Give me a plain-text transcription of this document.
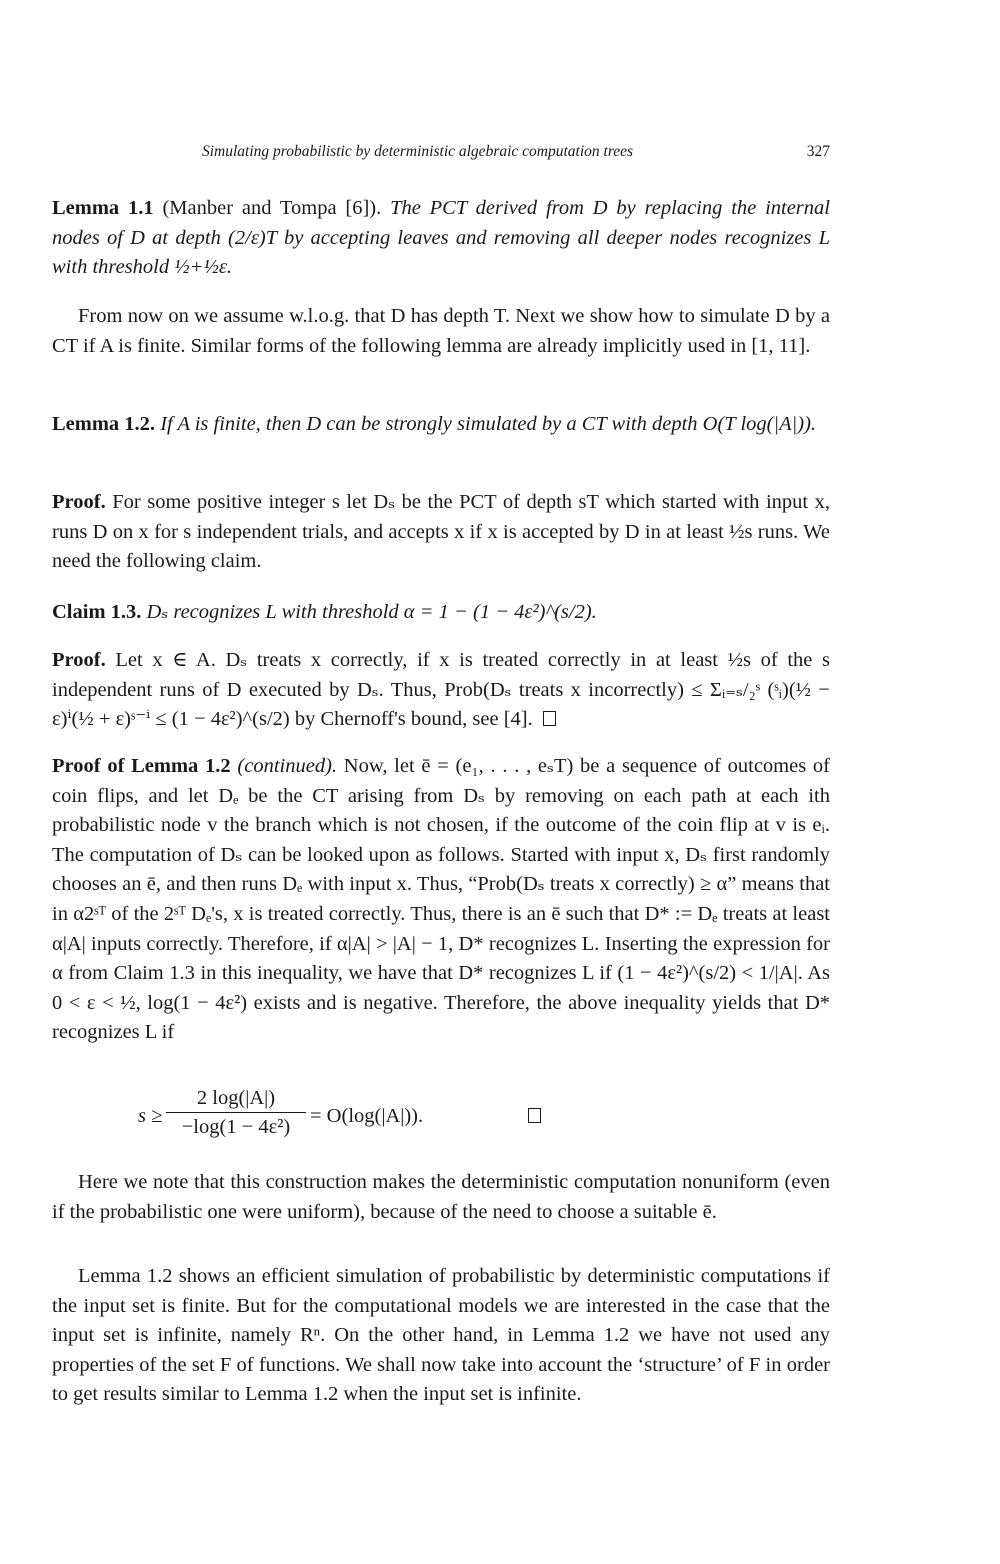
Simulating probabilistic by deterministic algebraic computation trees	327

Lemma 1.1 (Manber and Tompa [6]). The PCT derived from D by replacing the internal nodes of D at depth (2/ε)T by accepting leaves and removing all deeper nodes recognizes L with threshold ½+½ε.

From now on we assume w.l.o.g. that D has depth T. Next we show how to simulate D by a CT if A is finite. Similar forms of the following lemma are already implicitly used in [1, 11].

Lemma 1.2. If A is finite, then D can be strongly simulated by a CT with depth O(T log(|A|)).

Proof. For some positive integer s let Dₛ be the PCT of depth sT which started with input x, runs D on x for s independent trials, and accepts x if x is accepted by D in at least ½s runs. We need the following claim.

Claim 1.3. Dₛ recognizes L with threshold α = 1 − (1 − 4ε²)^(s/2).

Proof. Let x ∈ A. Dₛ treats x correctly, if x is treated correctly in at least ½s of the s independent runs of D executed by Dₛ. Thus, Prob(Dₛ treats x incorrectly) ≤ Σᵢ₌ₛ/₂ˢ (ˢᵢ)(½ − ε)ⁱ(½ + ε)ˢ⁻ⁱ ≤ (1 − 4ε²)^(s/2) by Chernoff's bound, see [4].

Proof of Lemma 1.2 (continued). Now, let ē = (e₁, . . . , eₛT) be a sequence of outcomes of coin flips, and let Dₑ be the CT arising from Dₛ by removing on each path at each ith probabilistic node v the branch which is not chosen, if the outcome of the coin flip at v is eᵢ. The computation of Dₛ can be looked upon as follows. Started with input x, Dₛ first randomly chooses an ē, and then runs Dₑ with input x. Thus, “Prob(Dₛ treats x correctly) ≥ α” means that in α2ˢᵀ of the 2ˢᵀ Dₑ's, x is treated correctly. Thus, there is an ē such that D* := Dₑ treats at least α|A| inputs correctly. Therefore, if α|A| > |A| − 1, D* recognizes L. Inserting the expression for α from Claim 1.3 in this inequality, we have that D* recognizes L if (1 − 4ε²)^(s/2) < 1/|A|. As 0 < ε < ½, log(1 − 4ε²) exists and is negative. Therefore, the above inequality yields that D* recognizes L if

$s \ge \frac{2 \log(|A|)}{\text{−log(1 − 4ε²)}} = O(\log(|A|))$.

Here we note that this construction makes the deterministic computation nonuniform (even if the probabilistic one were uniform), because of the need to choose a suitable ē.

Lemma 1.2 shows an efficient simulation of probabilistic by deterministic computations if the input set is finite. But for the computational models we are interested in the case that the input set is infinite, namely Rⁿ. On the other hand, in Lemma 1.2 we have not used any properties of the set F of functions. We shall now take into account the ‘structure’ of F in order to get results similar to Lemma 1.2 when the input set is infinite.
